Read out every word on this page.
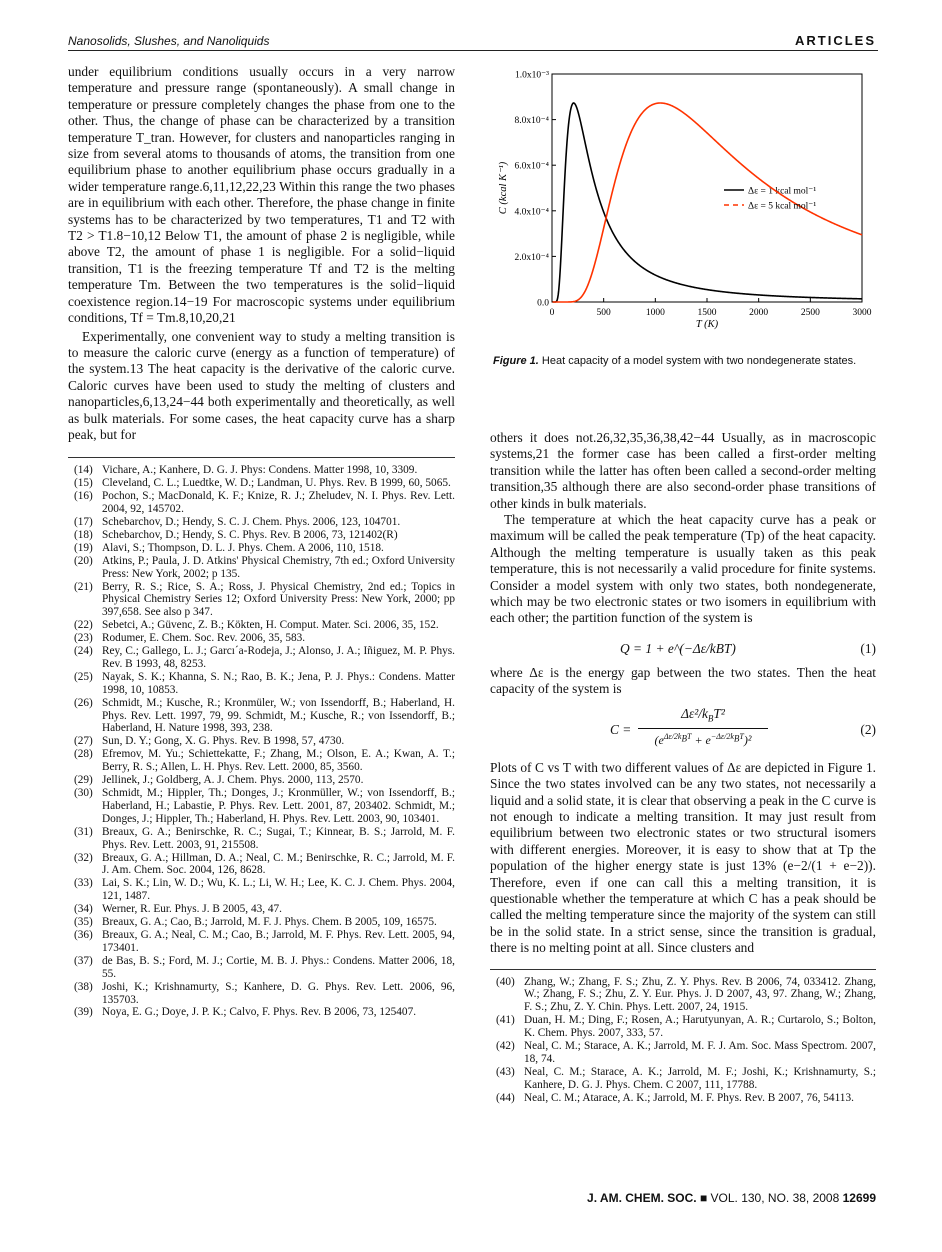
Nanosolids, Slushes, and Nanoliquids	ARTICLES

under equilibrium conditions usually occurs in a very narrow temperature and pressure range (spontaneously). A small change in temperature or pressure completely changes the phase from one to the other. Thus, the change of phase can be characterized by a transition temperature T_tran. However, for clusters and nanoparticles ranging in size from several atoms to thousands of atoms, the transition from one equilibrium phase to another equilibrium phase occurs gradually in a wider temperature range.6,11,12,22,23 Within this range the two phases are in equilibrium with each other. Therefore, the phase change in finite systems has to be characterized by two temperatures, T1 and T2 with T2 > T1.8−10,12 Below T1, the amount of phase 2 is negligible, while above T2, the amount of phase 1 is negligible. For a solid−liquid transition, T1 is the freezing temperature Tf and T2 is the melting temperature Tm. Between the two temperatures is the solid−liquid coexistence region.14−19 For macroscopic systems under equilibrium conditions, Tf = Tm.8,10,20,21

Experimentally, one convenient way to study a melting transition is to measure the caloric curve (energy as a function of temperature) of the system.13 The heat capacity is the derivative of the caloric curve. Caloric curves have been used to study the melting of clusters and nanoparticles,6,13,24−44 both experimentally and theoretically, as well as bulk materials. For some cases, the heat capacity curve has a sharp peak, but for

(14) Vichare, A.; Kanhere, D. G. J. Phys: Condens. Matter 1998, 10, 3309.
(15) Cleveland, C. L.; Luedtke, W. D.; Landman, U. Phys. Rev. B 1999, 60, 5065.
(16) Pochon, S.; MacDonald, K. F.; Knize, R. J.; Zheludev, N. I. Phys. Rev. Lett. 2004, 92, 145702.
(17) Schebarchov, D.; Hendy, S. C. J. Chem. Phys. 2006, 123, 104701.
(18) Schebarchov, D.; Hendy, S. C. Phys. Rev. B 2006, 73, 121402(R)
(19) Alavi, S.; Thompson, D. L. J. Phys. Chem. A 2006, 110, 1518.
(20) Atkins, P.; Paula, J. D. Atkins' Physical Chemistry, 7th ed.; Oxford University Press: New York, 2002; p 135.
(21) Berry, R. S.; Rice, S. A.; Ross, J. Physical Chemistry, 2nd ed.; Topics in Physical Chemistry Series 12; Oxford University Press: New York, 2000; pp 397,658. See also p 347.
(22) Sebetci, A.; Güvenc, Z. B.; Kökten, H. Comput. Mater. Sci. 2006, 35, 152.
(23) Rodumer, E. Chem. Soc. Rev. 2006, 35, 583.
(24) Rey, C.; Gallego, L. J.; Garcı´a-Rodeja, J.; Alonso, J. A.; Iñiguez, M. P. Phys. Rev. B 1993, 48, 8253.
(25) Nayak, S. K.; Khanna, S. N.; Rao, B. K.; Jena, P. J. Phys.: Condens. Matter 1998, 10, 10853.
(26) Schmidt, M.; Kusche, R.; Kronmüler, W.; von Issendorff, B.; Haberland, H. Phys. Rev. Lett. 1997, 79, 99. Schmidt, M.; Kusche, R.; von Issendorff, B.; Haberland, H. Nature 1998, 393, 238.
(27) Sun, D. Y.; Gong, X. G. Phys. Rev. B 1998, 57, 4730.
(28) Efremov, M. Yu.; Schiettekatte, F.; Zhang, M.; Olson, E. A.; Kwan, A. T.; Berry, R. S.; Allen, L. H. Phys. Rev. Lett. 2000, 85, 3560.
(29) Jellinek, J.; Goldberg, A. J. Chem. Phys. 2000, 113, 2570.
(30) Schmidt, M.; Hippler, Th.; Donges, J.; Kronmüller, W.; von Issendorff, B.; Haberland, H.; Labastie, P. Phys. Rev. Lett. 2001, 87, 203402. Schmidt, M.; Donges, J.; Hippler, Th.; Haberland, H. Phys. Rev. Lett. 2003, 90, 103401.
(31) Breaux, G. A.; Benirschke, R. C.; Sugai, T.; Kinnear, B. S.; Jarrold, M. F. Phys. Rev. Lett. 2003, 91, 215508.
(32) Breaux, G. A.; Hillman, D. A.; Neal, C. M.; Benirschke, R. C.; Jarrold, M. F. J. Am. Chem. Soc. 2004, 126, 8628.
(33) Lai, S. K.; Lin, W. D.; Wu, K. L.; Li, W. H.; Lee, K. C. J. Chem. Phys. 2004, 121, 1487.
(34) Werner, R. Eur. Phys. J. B 2005, 43, 47.
(35) Breaux, G. A.; Cao, B.; Jarrold, M. F. J. Phys. Chem. B 2005, 109, 16575.
(36) Breaux, G. A.; Neal, C. M.; Cao, B.; Jarrold, M. F. Phys. Rev. Lett. 2005, 94, 173401.
(37) de Bas, B. S.; Ford, M. J.; Cortie, M. B. J. Phys.: Condens. Matter 2006, 18, 55.
(38) Joshi, K.; Krishnamurty, S.; Kanhere, D. G. Phys. Rev. Lett. 2006, 96, 135703.
(39) Noya, E. G.; Doye, J. P. K.; Calvo, F. Phys. Rev. B 2006, 73, 125407.
0	500	1000	1500	2000	2500	3000
0.0
2.0x10⁻⁴
4.0x10⁻⁴
6.0x10⁻⁴
8.0x10⁻⁴
1.0x10⁻³
T (K)
C (kcal K⁻¹)	Δε = 1 kcal mol⁻¹
Δε = 5 kcal mol⁻¹
Figure 1. Heat capacity of a model system with two nondegenerate states.

others it does not.26,32,35,36,38,42−44 Usually, as in macroscopic systems,21 the former case has been called a first-order melting transition while the latter has often been called a second-order melting transition,35 although there are also second-order phase transitions of other kinds in bulk materials.

The temperature at which the heat capacity curve has a peak or maximum will be called the peak temperature (Tp) of the heat capacity. Although the melting temperature is usually taken as this peak temperature, this is not necessarily a valid procedure for finite systems. Consider a model system with only two states, both nondegenerate, which may be two electronic states or two isomers in equilibrium with each other; the partition function of the system is

Q = 1 + e^(−Δε/kBT)	(1)

where Δε is the energy gap between the two states. Then the heat capacity of the system is

C =
Δε²/$k_BT^2$
$(e^{\Delta\varepsilon/2k_BT} + e^{-\Delta\varepsilon/2k_BT})^2$
(2)

Plots of C vs T with two different values of Δε are depicted in Figure 1. Since the two states involved can be any two states, not necessarily a liquid and a solid state, it is clear that observing a peak in the C curve is not enough to indicate a melting transition. It may just result from equilibrium between two electronic states or two structural isomers with different energies. Moreover, it is easy to show that at Tp the population of the higher energy state is just 13% (e−2/(1 + e−2)). Therefore, even if one can call this a melting transition, it is questionable whether the temperature at which C has a peak should be called the melting temperature since the majority of the system can still be in the solid state. In a strict sense, since the transition is gradual, there is no melting point at all. Since clusters and

(40) Zhang, W.; Zhang, F. S.; Zhu, Z. Y. Phys. Rev. B 2006, 74, 033412. Zhang, W.; Zhang, F. S.; Zhu, Z. Y. Eur. Phys. J. D 2007, 43, 97. Zhang, W.; Zhang, F. S.; Zhu, Z. Y. Chin. Phys. Lett. 2007, 24, 1915.
(41) Duan, H. M.; Ding, F.; Rosen, A.; Harutyunyan, A. R.; Curtarolo, S.; Bolton, K. Chem. Phys. 2007, 333, 57.
(42) Neal, C. M.; Starace, A. K.; Jarrold, M. F. J. Am. Soc. Mass Spectrom. 2007, 18, 74.
(43) Neal, C. M.; Starace, A. K.; Jarrold, M. F.; Joshi, K.; Krishnamurty, S.; Kanhere, D. G. J. Phys. Chem. C 2007, 111, 17788.
(44) Neal, C. M.; Atarace, A. K.; Jarrold, M. F. Phys. Rev. B 2007, 76, 54113.
J. AM. CHEM. SOC. ■ VOL. 130, NO. 38, 2008 12699
